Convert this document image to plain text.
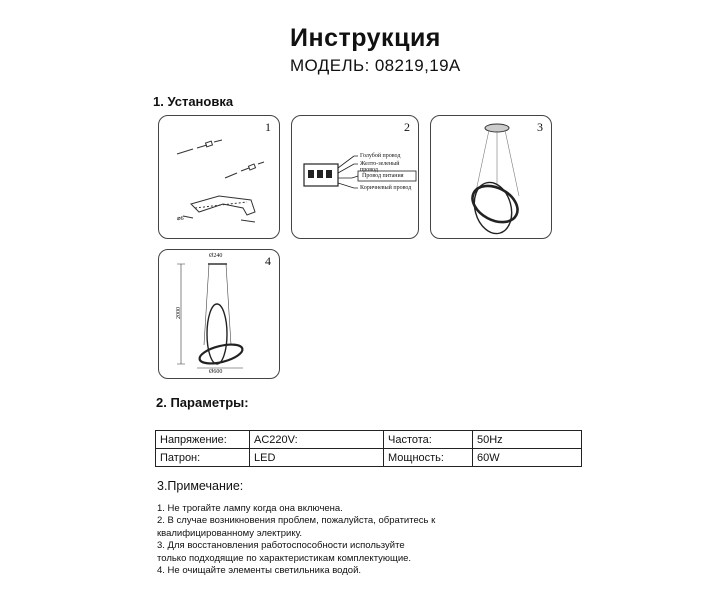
Инструкция
МОДЕЛЬ: 08219,19A
1. Установка
1
⌀6
2
Голубой провод
Желто-зеленый провод
Провод питания
Коричневый провод
3
4
Ø240
2000
Ø600
2. Параметры:
Напряжение:	AC220V:	Частота:	50Hz
Патрон:	LED	Мощность:	60W
3.Примечание:
1. Не трогайте лампу когда она включена.
2. В случае возникновения проблем, пожалуйста, обратитесь к
квалифицированному электрику.
3. Для восстановления работоспособности используйте
только подходящие по характеристикам комплектующие.
4. Не очищайте элементы светильника водой.
